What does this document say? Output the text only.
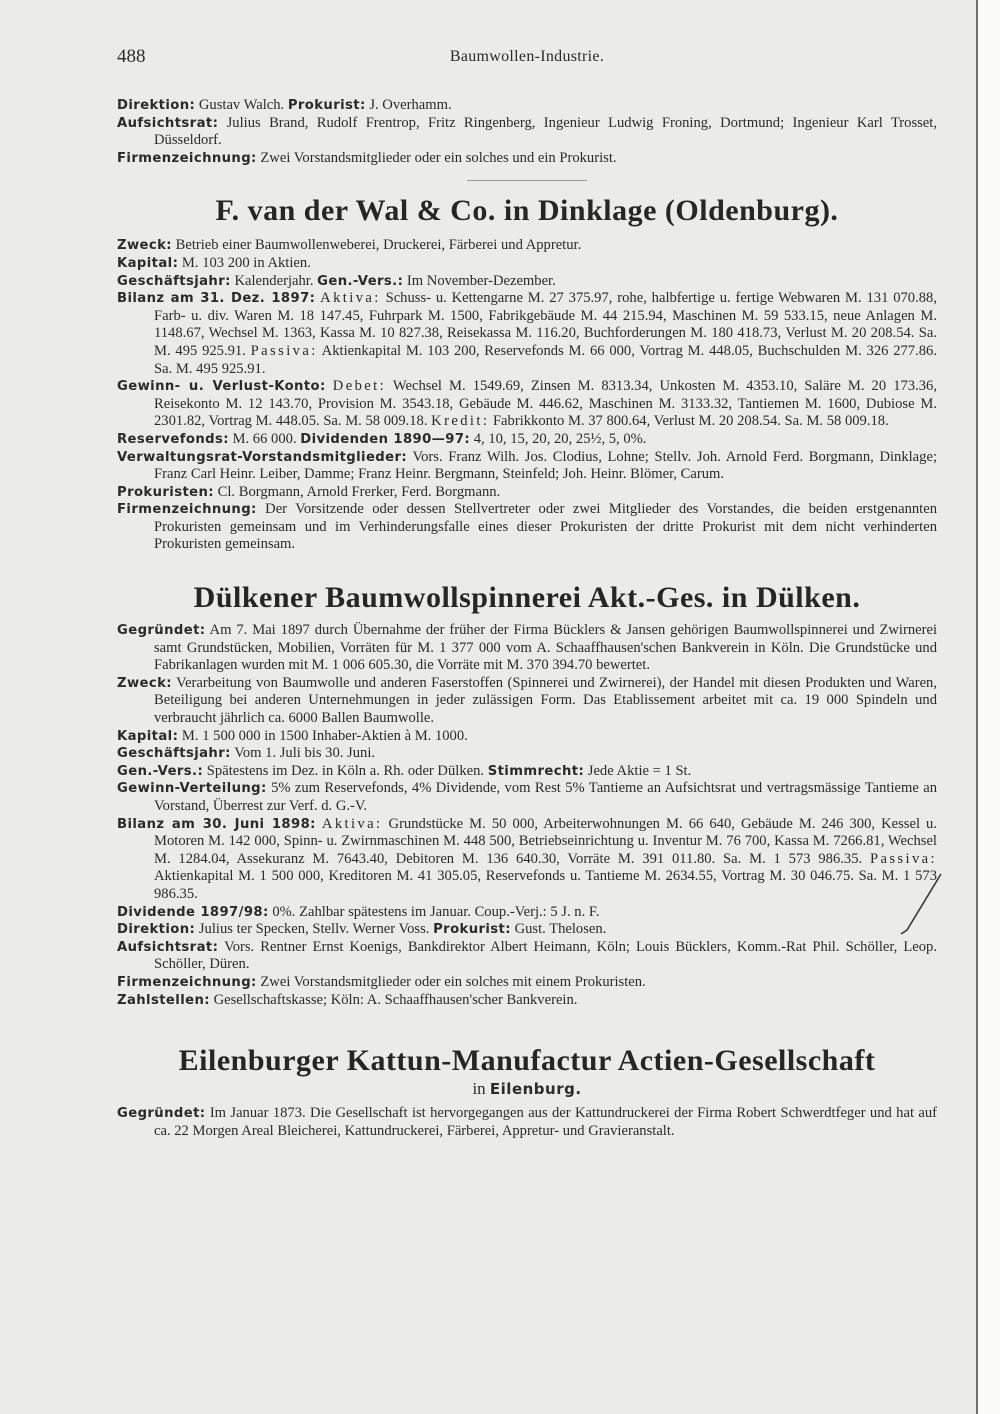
488	Baumwollen-Industrie.

Direktion: Gustav Walch. Prokurist: J. Overhamm.

Aufsichtsrat: Julius Brand, Rudolf Frentrop, Fritz Ringenberg, Ingenieur Ludwig Froning, Dortmund; Ingenieur Karl Trosset, Düsseldorf.

Firmenzeichnung: Zwei Vorstandsmitglieder oder ein solches und ein Prokurist.

F. van der Wal & Co. in Dinklage (Oldenburg).

Zweck: Betrieb einer Baumwollenweberei, Druckerei, Färberei und Appretur.

Kapital: M. 103 200 in Aktien.

Geschäftsjahr: Kalenderjahr. Gen.-Vers.: Im November-Dezember.

Bilanz am 31. Dez. 1897: Aktiva: Schuss- u. Kettengarne M. 27 375.97, rohe, halbfertige u. fertige Webwaren M. 131 070.88, Farb- u. div. Waren M. 18 147.45, Fuhrpark M. 1500, Fabrikgebäude M. 44 215.94, Maschinen M. 59 533.15, neue Anlagen M. 1148.67, Wechsel M. 1363, Kassa M. 10 827.38, Reisekassa M. 116.20, Buchforderungen M. 180 418.73, Verlust M. 20 208.54. Sa. M. 495 925.91. Passiva: Aktienkapital M. 103 200, Reservefonds M. 66 000, Vortrag M. 448.05, Buchschulden M. 326 277.86. Sa. M. 495 925.91.

Gewinn- u. Verlust-Konto: Debet: Wechsel M. 1549.69, Zinsen M. 8313.34, Unkosten M. 4353.10, Saläre M. 20 173.36, Reisekonto M. 12 143.70, Provision M. 3543.18, Gebäude M. 446.62, Maschinen M. 3133.32, Tantiemen M. 1600, Dubiose M. 2301.82, Vortrag M. 448.05. Sa. M. 58 009.18. Kredit: Fabrikkonto M. 37 800.64, Verlust M. 20 208.54. Sa. M. 58 009.18.

Reservefonds: M. 66 000. Dividenden 1890—97: 4, 10, 15, 20, 20, 25½, 5, 0%.

Verwaltungsrat-Vorstandsmitglieder: Vors. Franz Wilh. Jos. Clodius, Lohne; Stellv. Joh. Arnold Ferd. Borgmann, Dinklage; Franz Carl Heinr. Leiber, Damme; Franz Heinr. Bergmann, Steinfeld; Joh. Heinr. Blömer, Carum.

Prokuristen: Cl. Borgmann, Arnold Frerker, Ferd. Borgmann.

Firmenzeichnung: Der Vorsitzende oder dessen Stellvertreter oder zwei Mitglieder des Vorstandes, die beiden erstgenannten Prokuristen gemeinsam und im Verhinderungsfalle eines dieser Prokuristen der dritte Prokurist mit dem nicht verhinderten Prokuristen gemeinsam.

Dülkener Baumwollspinnerei Akt.-Ges. in Dülken.

Gegründet: Am 7. Mai 1897 durch Übernahme der früher der Firma Bücklers & Jansen gehörigen Baumwollspinnerei und Zwirnerei samt Grundstücken, Mobilien, Vorräten für M. 1 377 000 vom A. Schaaffhausen'schen Bankverein in Köln. Die Grundstücke und Fabrikanlagen wurden mit M. 1 006 605.30, die Vorräte mit M. 370 394.70 bewertet.

Zweck: Verarbeitung von Baumwolle und anderen Faserstoffen (Spinnerei und Zwirnerei), der Handel mit diesen Produkten und Waren, Beteiligung bei anderen Unternehmungen in jeder zulässigen Form. Das Etablissement arbeitet mit ca. 19 000 Spindeln und verbraucht jährlich ca. 6000 Ballen Baumwolle.

Kapital: M. 1 500 000 in 1500 Inhaber-Aktien à M. 1000.

Geschäftsjahr: Vom 1. Juli bis 30. Juni.

Gen.-Vers.: Spätestens im Dez. in Köln a. Rh. oder Dülken. Stimmrecht: Jede Aktie = 1 St.

Gewinn-Verteilung: 5% zum Reservefonds, 4% Dividende, vom Rest 5% Tantieme an Aufsichtsrat und vertragsmässige Tantieme an Vorstand, Überrest zur Verf. d. G.-V.

Bilanz am 30. Juni 1898: Aktiva: Grundstücke M. 50 000, Arbeiterwohnungen M. 66 640, Gebäude M. 246 300, Kessel u. Motoren M. 142 000, Spinn- u. Zwirnmaschinen M. 448 500, Betriebseinrichtung u. Inventur M. 76 700, Kassa M. 7266.81, Wechsel M. 1284.04, Assekuranz M. 7643.40, Debitoren M. 136 640.30, Vorräte M. 391 011.80. Sa. M. 1 573 986.35. Passiva: Aktienkapital M. 1 500 000, Kreditoren M. 41 305.05, Reservefonds u. Tantieme M. 2634.55, Vortrag M. 30 046.75. Sa. M. 1 573 986.35.

Dividende 1897/98: 0%. Zahlbar spätestens im Januar. Coup.-Verj.: 5 J. n. F.

Direktion: Julius ter Specken, Stellv. Werner Voss. Prokurist: Gust. Thelosen.

Aufsichtsrat: Vors. Rentner Ernst Koenigs, Bankdirektor Albert Heimann, Köln; Louis Bücklers, Komm.-Rat Phil. Schöller, Leop. Schöller, Düren.

Firmenzeichnung: Zwei Vorstandsmitglieder oder ein solches mit einem Prokuristen.

Zahlstellen: Gesellschaftskasse; Köln: A. Schaaffhausen'scher Bankverein.

Eilenburger Kattun-Manufactur Actien-Gesellschaft
in Eilenburg.

Gegründet: Im Januar 1873. Die Gesellschaft ist hervorgegangen aus der Kattundruckerei der Firma Robert Schwerdtfeger und hat auf ca. 22 Morgen Areal Bleicherei, Kattundruckerei, Färberei, Appretur- und Gravieranstalt.
